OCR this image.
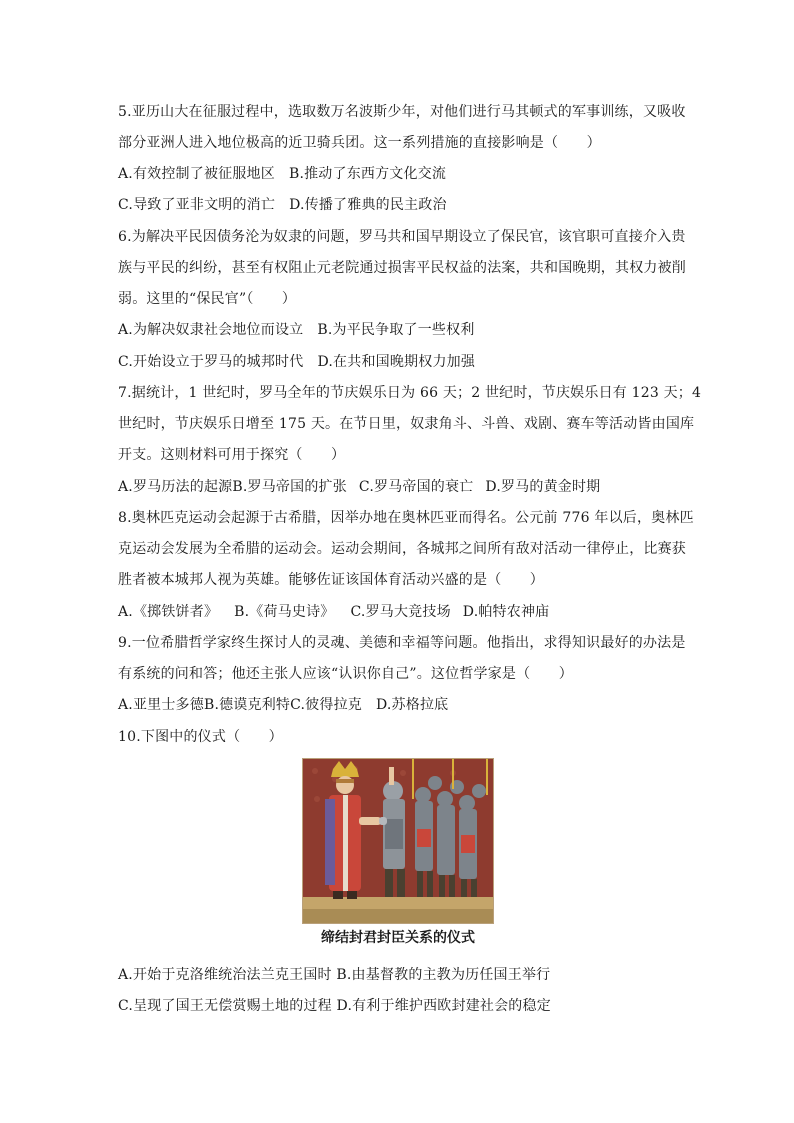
5.亚历山大在征服过程中，选取数万名波斯少年，对他们进行马其顿式的军事训练，又吸收
部分亚洲人进入地位极高的近卫骑兵团。这一系列措施的直接影响是（　　）
A.有效控制了被征服地区 B.推动了东西方文化交流
C.导致了亚非文明的消亡 D.传播了雅典的民主政治
6.为解决平民因债务沦为奴隶的问题，罗马共和国早期设立了保民官，该官职可直接介入贵
族与平民的纠纷，甚至有权阻止元老院通过损害平民权益的法案，共和国晚期，其权力被削
弱。这里的“保民官”（　　）
A.为解决奴隶社会地位而设立 B.为平民争取了一些权利
C.开始设立于罗马的城邦时代 D.在共和国晚期权力加强
7.据统计，1 世纪时，罗马全年的节庆娱乐日为 66 天；2 世纪时，节庆娱乐日有 123 天；4
世纪时，节庆娱乐日增至 175 天。在节日里，奴隶角斗、斗兽、戏剧、赛车等活动皆由国库
开支。这则材料可用于探究（　　）
A.罗马历法的起源B.罗马帝国的扩张 C.罗马帝国的衰亡 D.罗马的黄金时期
8.奥林匹克运动会起源于古希腊，因举办地在奥林匹亚而得名。公元前 776 年以后，奥林匹
克运动会发展为全希腊的运动会。运动会期间，各城邦之间所有敌对活动一律停止，比赛获
胜者被本城邦人视为英雄。能够佐证该国体育活动兴盛的是（　　）
A.《掷铁饼者》 B.《荷马史诗》 C.罗马大竞技场 D.帕特农神庙
9.一位希腊哲学家终生探讨人的灵魂、美德和幸福等问题。他指出，求得知识最好的办法是
有系统的问和答；他还主张人应该“认识你自己”。这位哲学家是（　　）
A.亚里士多德B.德谟克利特C.彼得拉克 D.苏格拉底
10.下图中的仪式（　　）
缔结封君封臣关系的仪式
A.开始于克洛维统治法兰克王国时 B.由基督教的主教为历任国王举行
C.呈现了国王无偿赏赐土地的过程 D.有利于维护西欧封建社会的稳定
